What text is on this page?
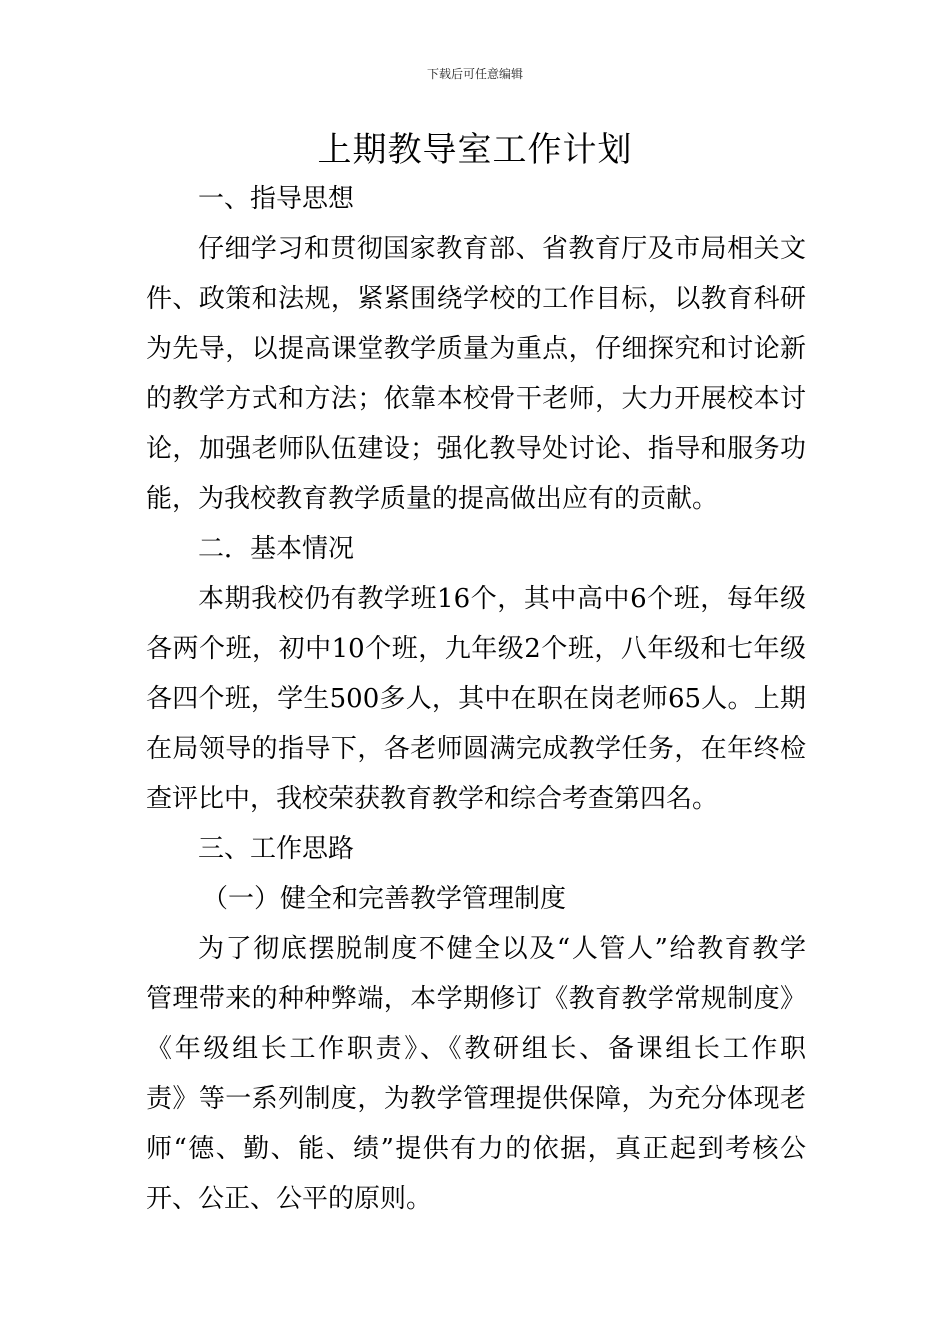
下载后可任意编辑
上期教导室工作计划
一、指导思想
仔细学习和贯彻国家教育部、省教育厅及市局相关文
件、政策和法规，紧紧围绕学校的工作目标，以教育科研
为先导，以提高课堂教学质量为重点，仔细探究和讨论新
的教学方式和方法；依靠本校骨干老师，大力开展校本讨
论，加强老师队伍建设；强化教导处讨论、指导和服务功
能，为我校教育教学质量的提高做出应有的贡献。
二．基本情况
本期我校仍有教学班16个，其中高中6个班，每年级
各两个班，初中10个班，九年级2个班，八年级和七年级
各四个班，学生500多人，其中在职在岗老师65人。上期
在局领导的指导下，各老师圆满完成教学任务，在年终检
查评比中，我校荣获教育教学和综合考查第四名。
三、工作思路
（一）健全和完善教学管理制度
为了彻底摆脱制度不健全以及“人管人”给教育教学
管理带来的种种弊端，本学期修订《教育教学常规制度》
《年级组长工作职责》、《教研组长、备课组长工作职
责》等一系列制度，为教学管理提供保障，为充分体现老
师“德、勤、能、绩”提供有力的依据，真正起到考核公
开、公正、公平的原则。
